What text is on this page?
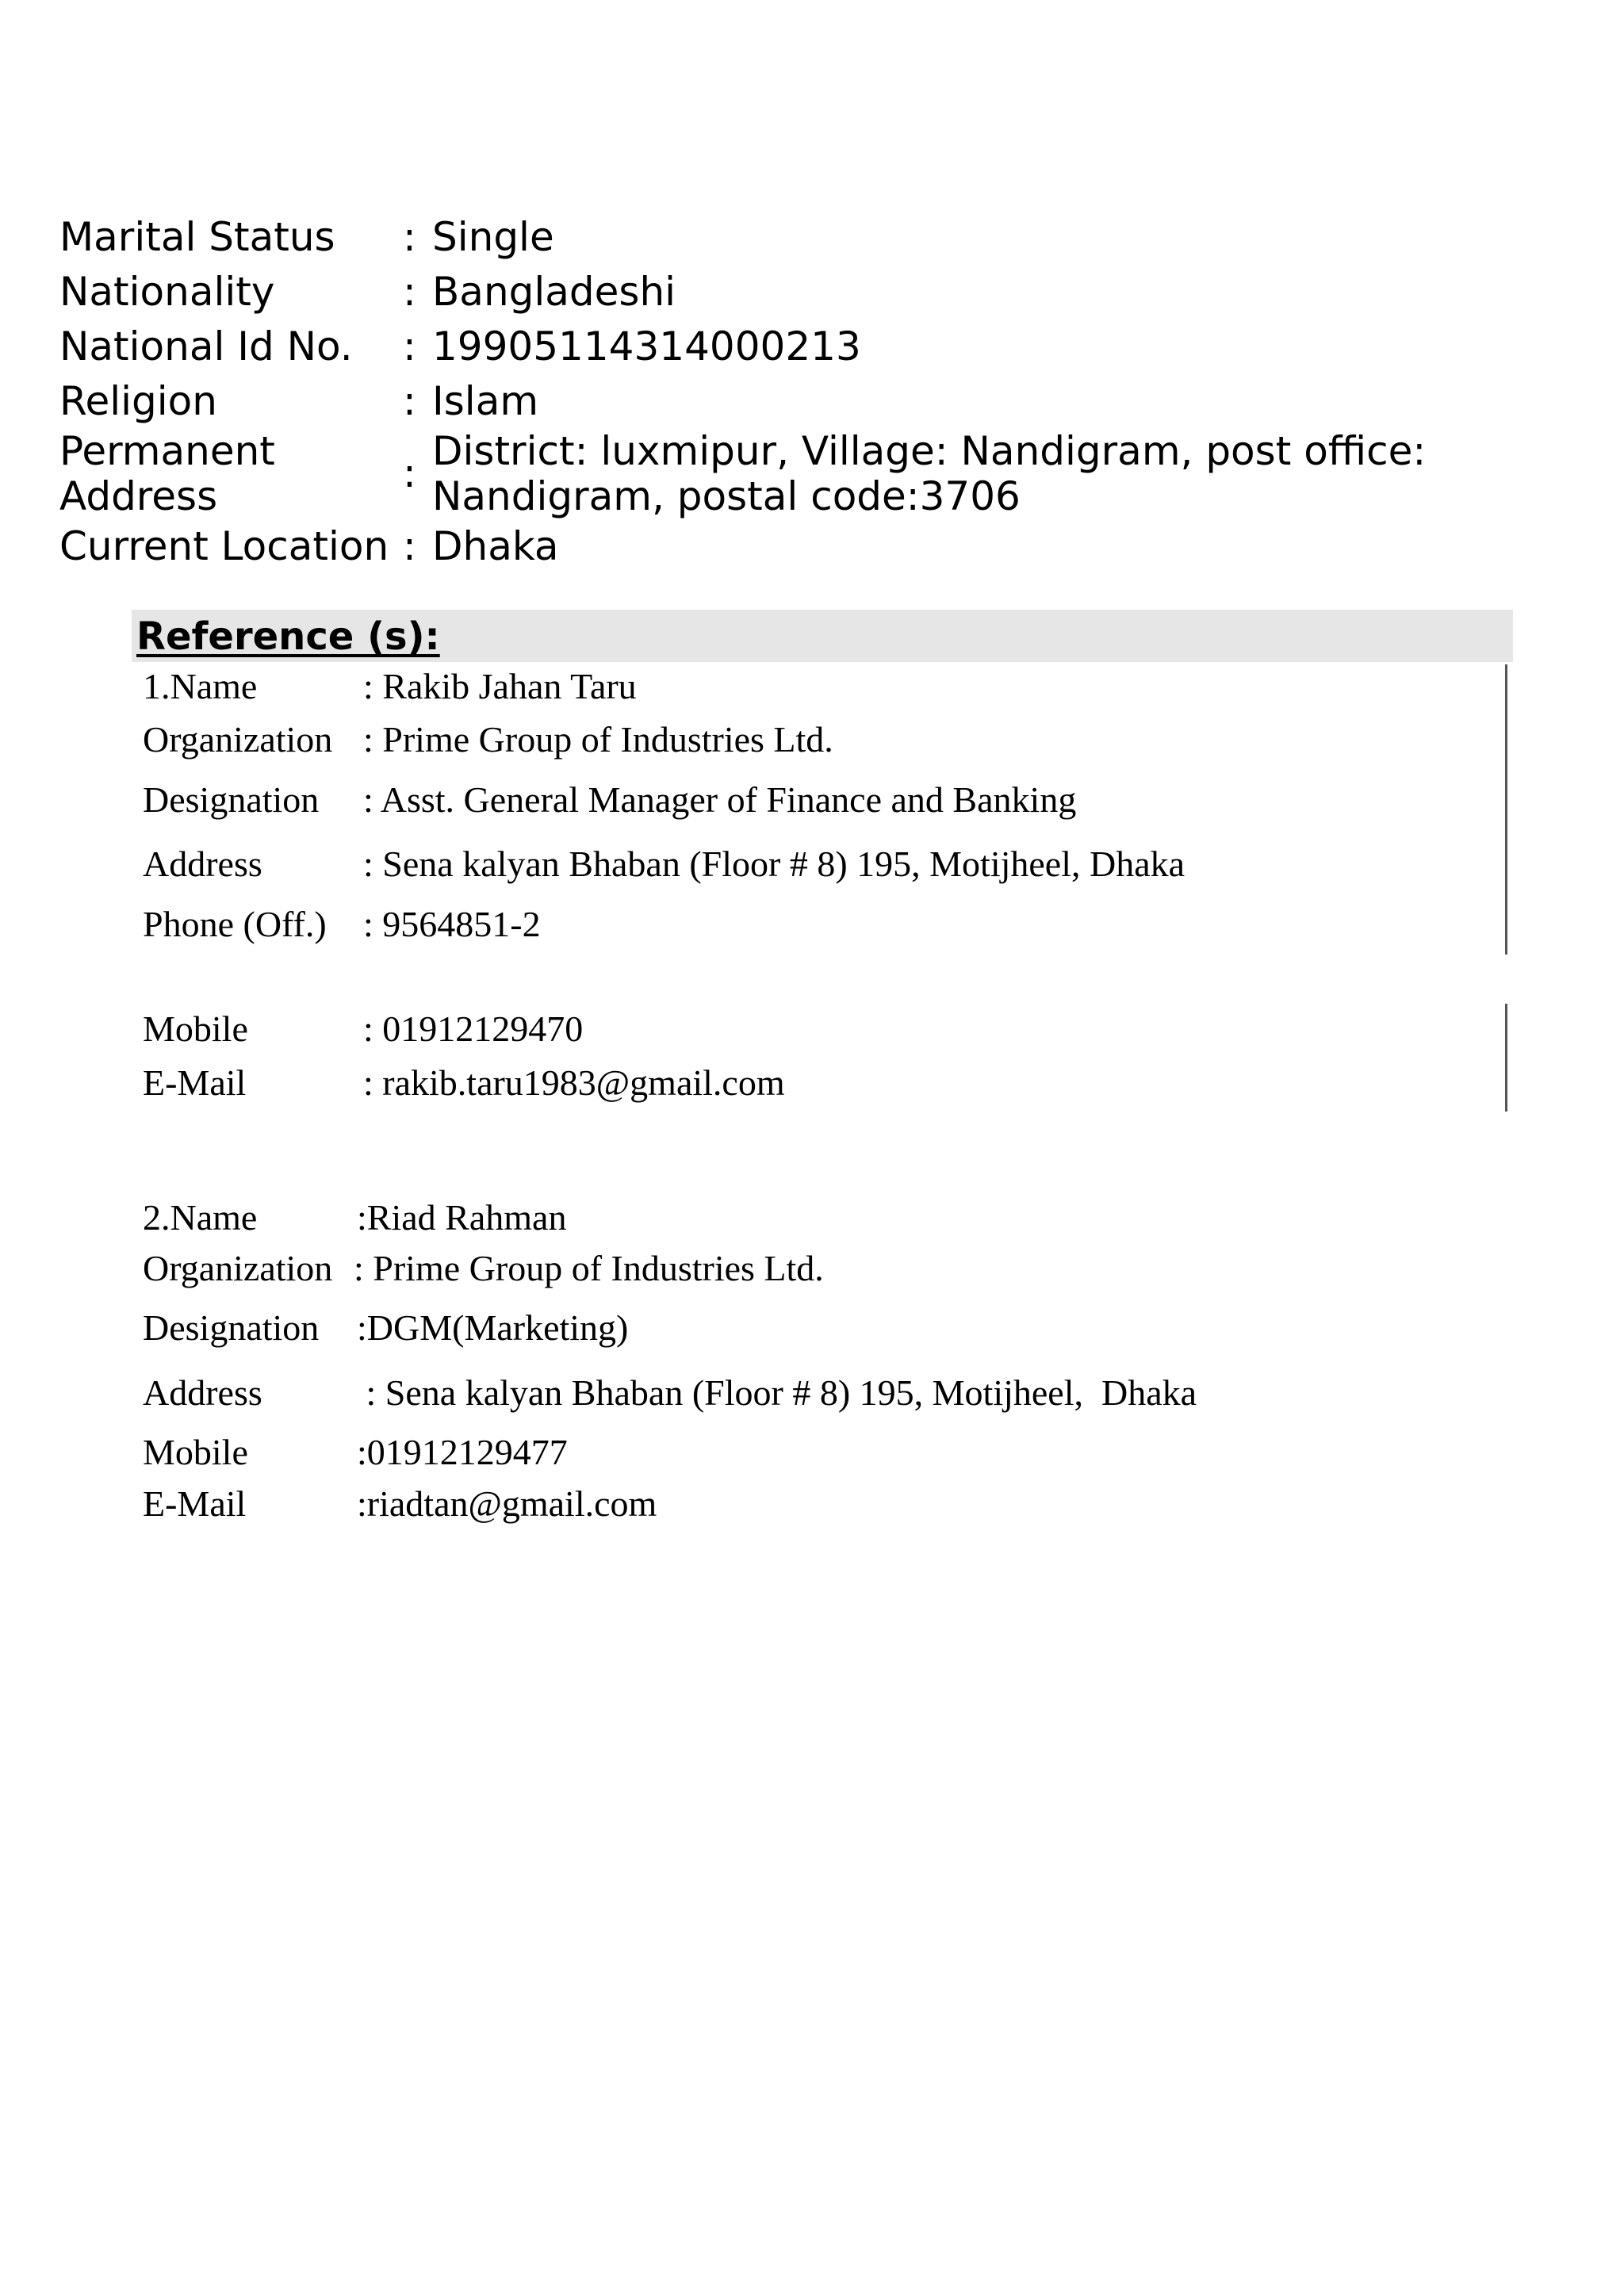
Marital Status	: Single
Nationality	: Bangladeshi
National Id No.	: 19905114314000213
Religion	: Islam
Permanent
Address	: District: luxmipur, Village: Nandigram, post office:
Nandigram, postal code:3706
Current Location : Dhaka
Reference (s):
1.Name	: Rakib Jahan Taru
Organization : Prime Group of Industries Ltd.
Designation : Asst. General Manager of Finance and Banking
Address	: Sena kalyan Bhaban (Floor # 8) 195, Motijheel, Dhaka
Phone (Off.) : 9564851-2
Mobile	: 01912129470
E-Mail	: rakib.taru1983@gmail.com
2.Name	:Riad Rahman
Organization : Prime Group of Industries Ltd.
Designation :DGM(Marketing)
Address	: Sena kalyan Bhaban (Floor # 8) 195, Motijheel,  Dhaka
Mobile	:01912129477
E-Mail	:riadtan@gmail.com
